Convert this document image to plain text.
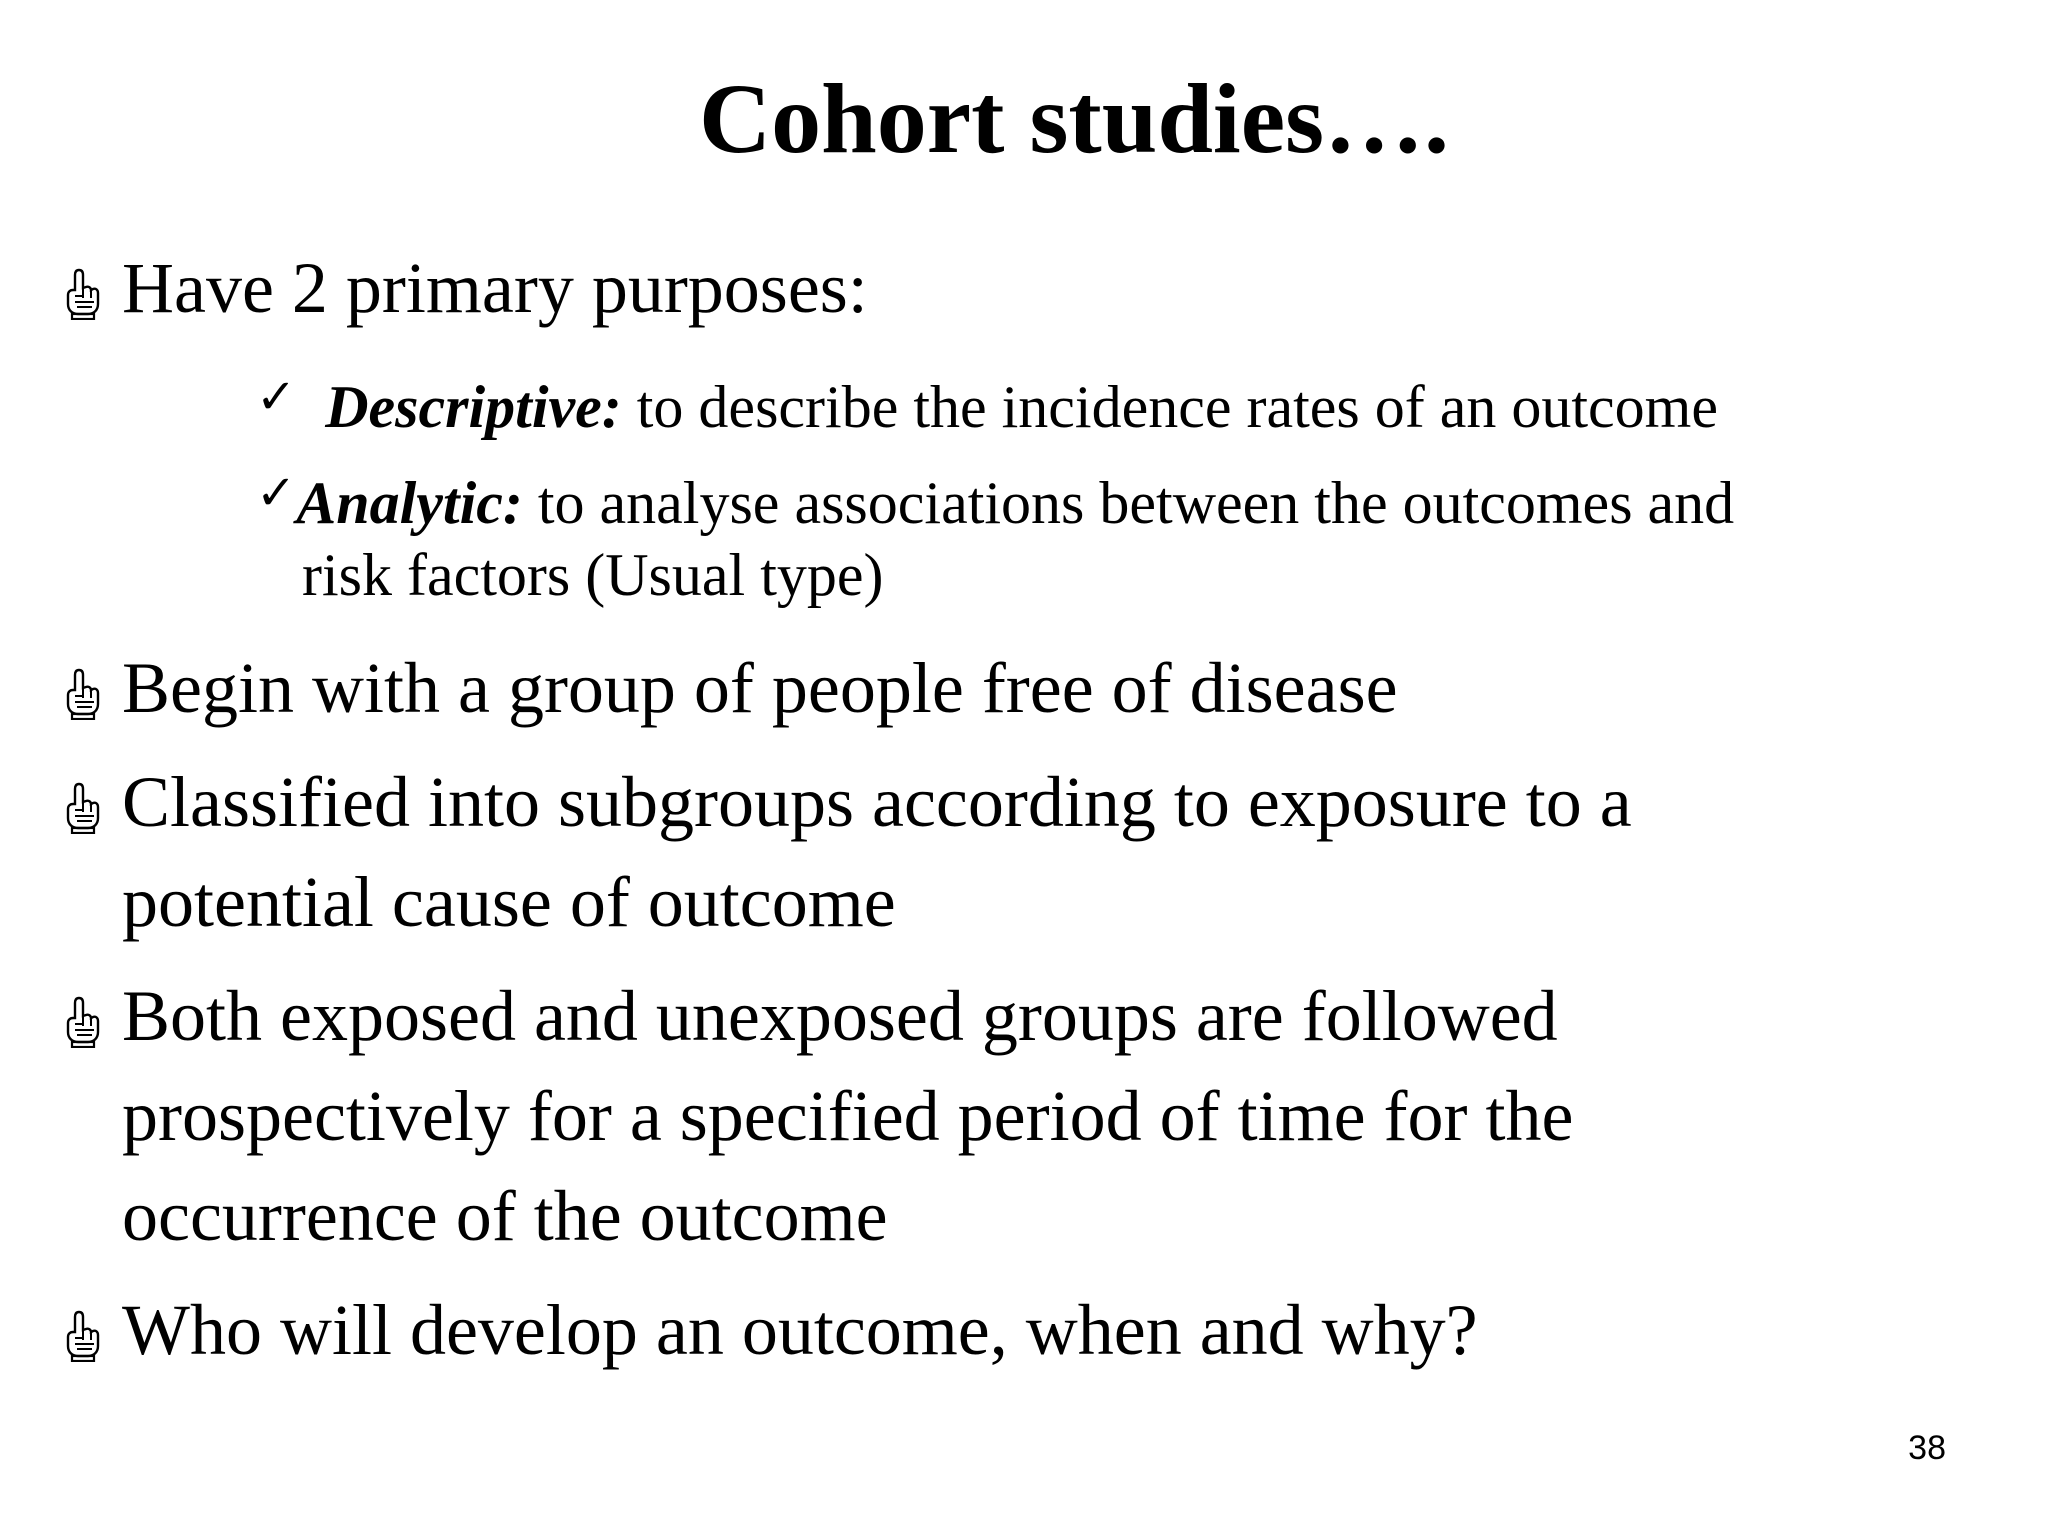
Cohort studies….
Have 2 primary purposes:
✓ Descriptive: to describe the incidence rates of an outcome
✓Analytic: to analyse associations between the outcomes and
risk factors (Usual type)
Begin with a group of people free of disease
Classified into subgroups according to exposure to a
potential cause of outcome
Both exposed and unexposed groups are followed
prospectively for a specified period of time for the
occurrence of the outcome
Who will develop an outcome, when and why?
38
